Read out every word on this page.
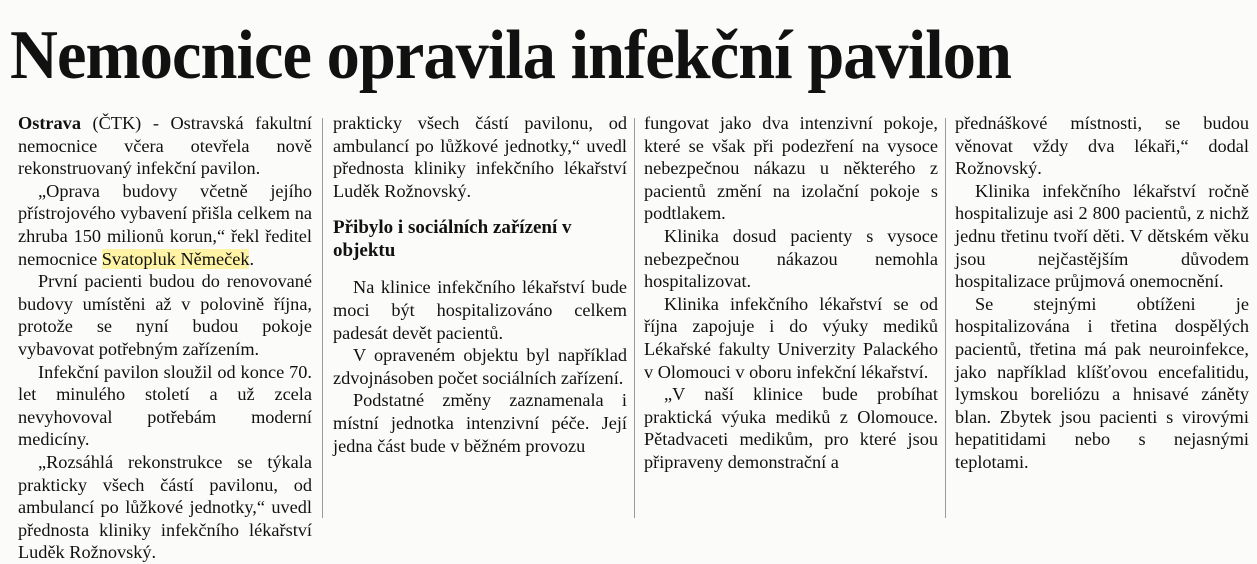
Nemocnice opravila infekční pavilon

Ostrava (ČTK) - Ostravská fakultní nemocnice včera otevřela nově rekonstruovaný infekční pavilon.

„Oprava budovy včetně jejího přístrojového vybavení přišla celkem na zhruba 150 milionů korun,“ řekl ředitel nemocnice Svatopluk Němeček.

První pacienti budou do renovované budovy umístěni až v polovině října, protože se nyní budou pokoje vybavovat potřebným zařízením.

Infekční pavilon sloužil od konce 70. let minulého století a už zcela nevyhovoval potřebám moderní medicíny.

„Rozsáhlá rekonstrukce se týkala prakticky všech částí pavilonu, od ambulancí po lůžkové jednotky,“ uvedl přednosta kliniky infekčního lékařství Luděk Rožnovský.

prakticky všech částí pavilonu, od ambulancí po lůžkové jednotky,“ uvedl přednosta kliniky infekčního lékařství Luděk Rožnovský.

Přibylo i sociálních zařízení v objektu

Na klinice infekčního lékařství bude moci být hospitalizováno celkem padesát devět pacientů.

V opraveném objektu byl například zdvojnásoben počet sociálních zařízení.

Podstatné změny zaznamenala i místní jednotka intenzivní péče. Její jedna část bude v běžném provozu

fungovat jako dva intenzivní pokoje, které se však při podezření na vysoce nebezpečnou nákazu u některého z pacientů změní na izolační pokoje s podtlakem.

Klinika dosud pacienty s vysoce nebezpečnou nákazou nemohla hospitalizovat.

Klinika infekčního lékařství se od října zapojuje i do výuky mediků Lékařské fakulty Univerzity Palackého v Olomouci v oboru infekční lékařství.

„V naší klinice bude probíhat praktická výuka mediků z Olomouce. Pětadvaceti medikům, pro které jsou připraveny demonstrační a

přednáškové místnosti, se budou věnovat vždy dva lékaři,“ dodal Rožnovský.

Klinika infekčního lékařství ročně hospitalizuje asi 2 800 pacientů, z nichž jednu třetinu tvoří děti. V dětském věku jsou nejčastějším důvodem hospitalizace průjmová onemocnění.

Se stejnými obtíženi je hospitalizována i třetina dospělých pacientů, třetina má pak neuroinfekce, jako například klíšťovou encefalitidu, lymskou boreliózu a hnisavé záněty blan. Zbytek jsou pacienti s virovými hepatitidami nebo s nejasnými teplotami.
